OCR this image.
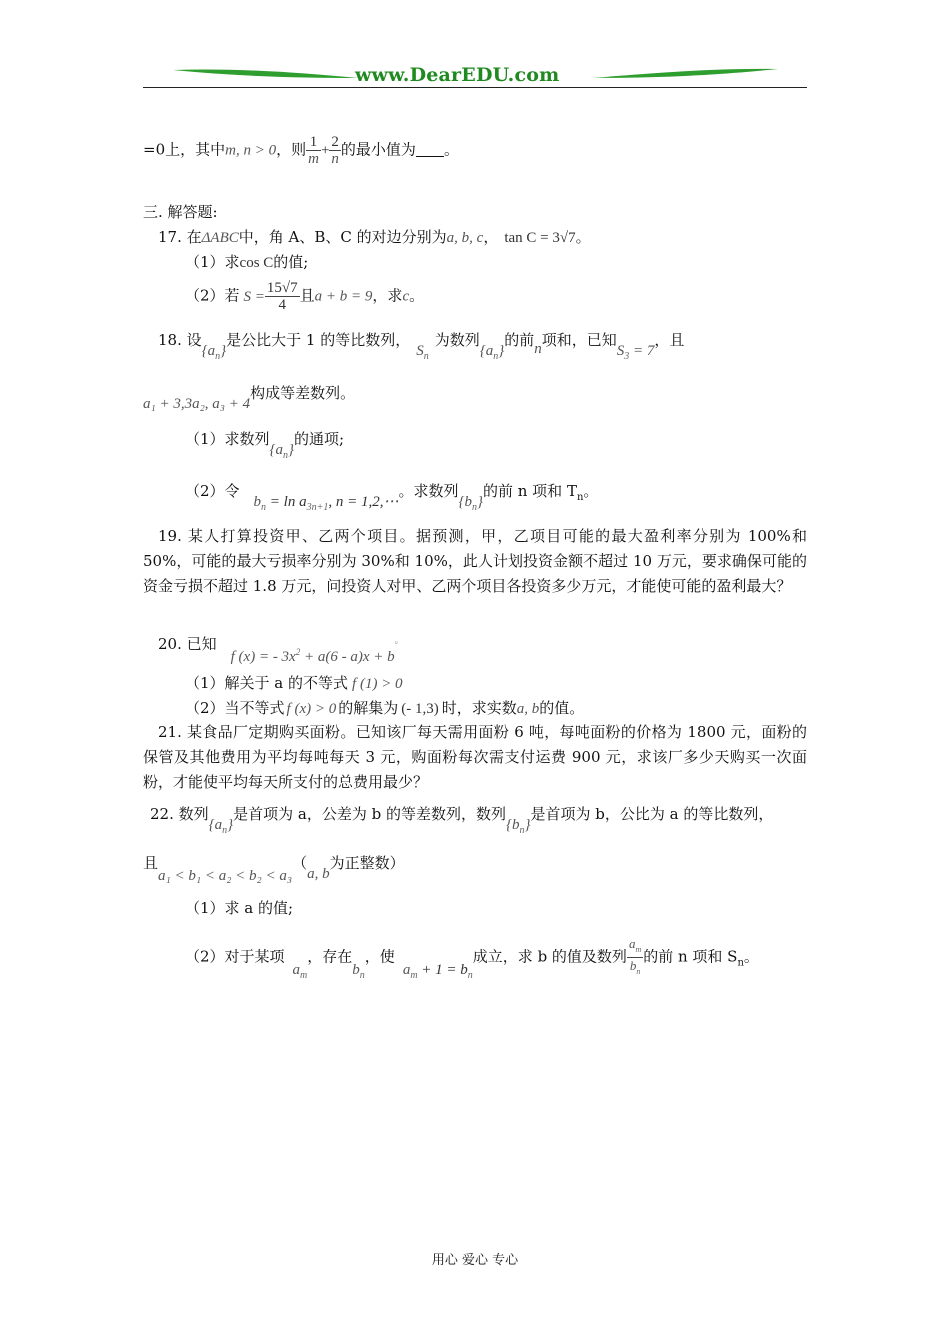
www.DearEDU.com
=0上，其中m, n > 0，则 $\frac{1}{m} + \frac{2}{n}$ 的最小值为 。
三. 解答题:
17. 在ΔABC中，角 A、B、C 的对边分别为a, b, c， tan C = 3√7。
（1）求cos C的值;
（2）若 $S = \frac{15√7}{4}$ 且a + b = 9，求c。
18. 设$\{a_n\}$是公比大于 1 的等比数列，$S_n$为数列$\{a_n\}$的前n项和，已知$S_3 = 7$，且
a₁ + 3,3a₂, a₃ + 4构成等差数列。
（1）求数列$\{a_n\}$的通项;
（2）令$b_n = \ln a_{3n+1}$, n = 1,2,⋯。求数列$\{b_n\}$的前 n 项和 $T_n$。
19. 某人打算投资甲、乙两个项目。据预测，甲，乙项目可能的最大盈利率分别为 100%和 50%，可能的最大亏损率分别为 30%和 10%，此人计划投资金额不超过 10 万元，要求确保可能的资金亏损不超过 1.8 万元，问投资人对甲、乙两个项目各投资多少万元，才能使可能的盈利最大？
20. 已知f (x) = - $3x^2 + a(6 - a)x + b^。$
（1）解关于 a 的不等式 f (1) > 0
（2）当不等式 f (x) > 0 的解集为 (- 1,3) 时，求实数a, b的值。
21. 某食品厂定期购买面粉。已知该厂每天需用面粉 6 吨，每吨面粉的价格为 1800 元，面粉的保管及其他费用为平均每吨每天 3 元，购面粉每次需支付运费 900 元，求该厂多少天购买一次面粉，才能使平均每天所支付的总费用最少？
22. 数列$\{a_n\}$是首项为 a，公差为 b 的等差数列，数列$\{b_n\}$是首项为 b，公比为 a 的等比数列，
且a₁ < b₁ < a₂ < b₂ < a₃（a, b为正整数）
（1）求 a 的值;
（2）对于某项$a_m$，存在$b_n$，使$a_m + 1 = b_n$成立，求 b 的值及数列 $\frac{a_m}{b_n}$ 的前 n 项和 $S_n$。
用心 爱心 专心
